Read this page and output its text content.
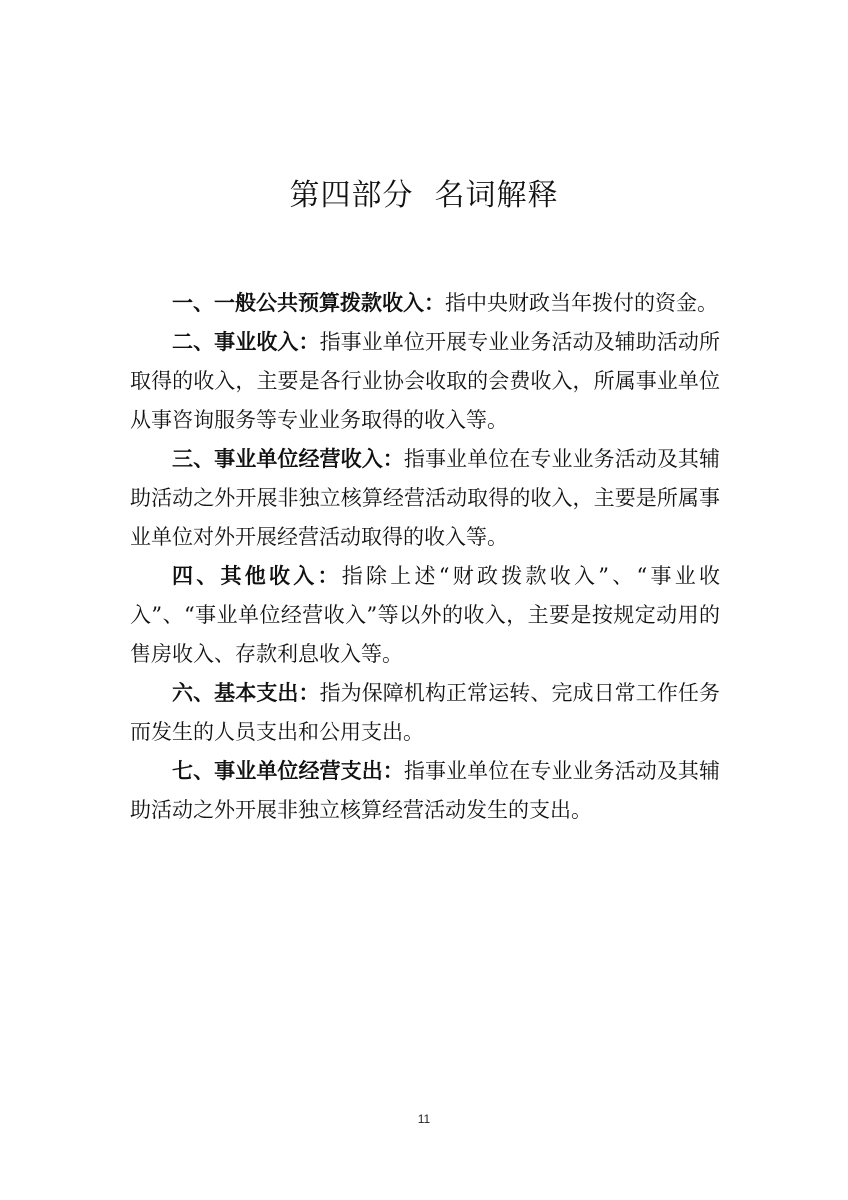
第四部分  名词解释

一、一般公共预算拨款收入：指中央财政当年拨付的资金。

二、事业收入：指事业单位开展专业业务活动及辅助活动所取得的收入，主要是各行业协会收取的会费收入，所属事业单位从事咨询服务等专业业务取得的收入等。

三、事业单位经营收入：指事业单位在专业业务活动及其辅助活动之外开展非独立核算经营活动取得的收入，主要是所属事业单位对外开展经营活动取得的收入等。

四、其他收入：指除上述“财政拨款收入”、“事业收入”、“事业单位经营收入”等以外的收入，主要是按规定动用的售房收入、存款利息收入等。

六、基本支出：指为保障机构正常运转、完成日常工作任务而发生的人员支出和公用支出。

七、事业单位经营支出：指事业单位在专业业务活动及其辅助活动之外开展非独立核算经营活动发生的支出。

11
